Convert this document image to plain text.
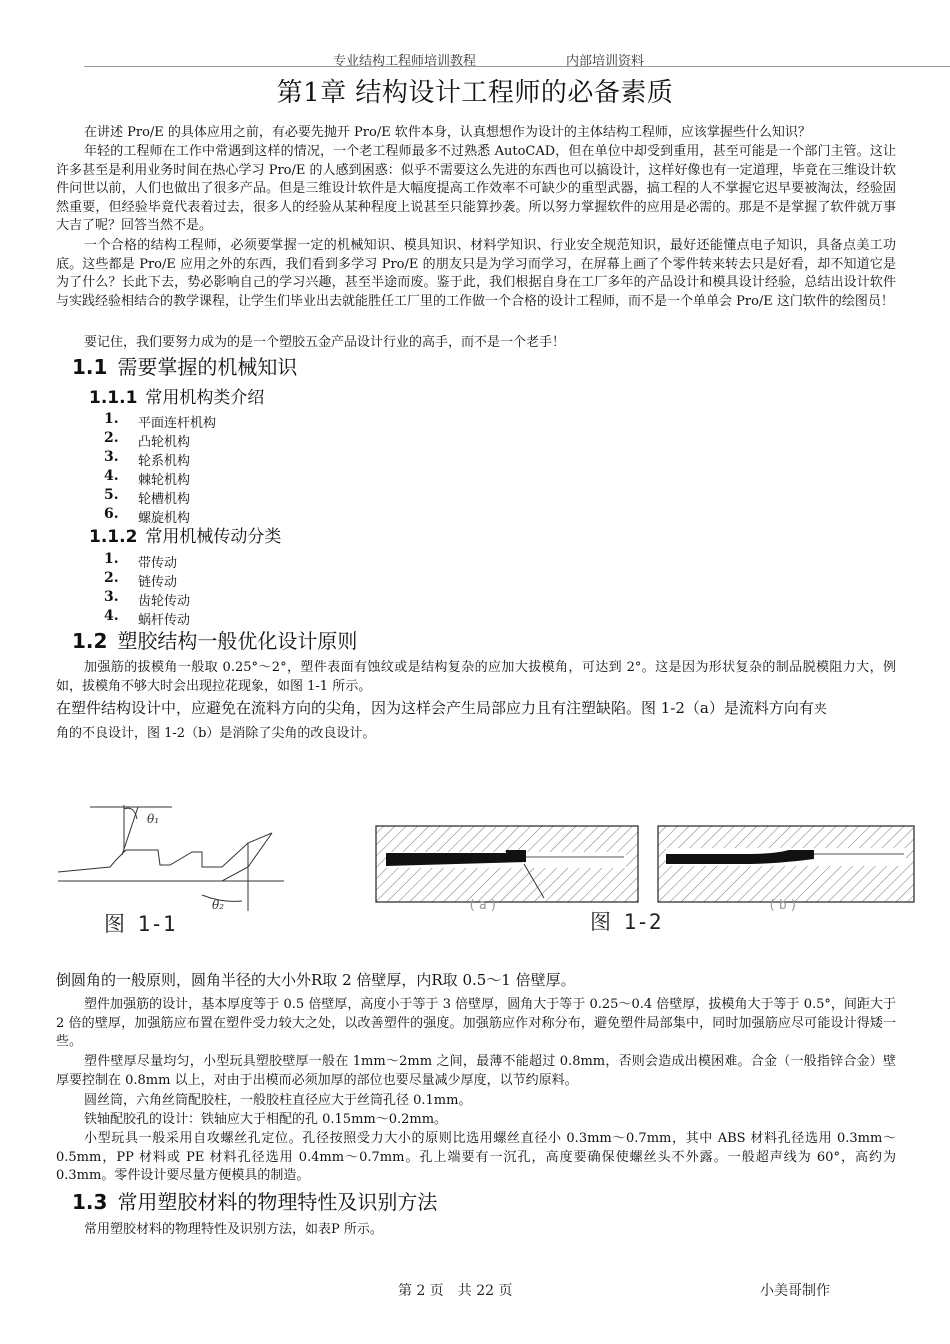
专业结构工程师培训教程	内部培训资料
第1章 结构设计工程师的必备素质
在讲述 Pro/E 的具体应用之前，有必要先抛开 Pro/E 软件本身，认真想想作为设计的主体结构工程师，应该掌握些什么知识？
年轻的工程师在工作中常遇到这样的情况，一个老工程师最多不过熟悉 AutoCAD，但在单位中却受到重用，甚至可能是一个部门主管。这让许多甚至是利用业务时间在热心学习 Pro/E 的人感到困惑：似乎不需要这么先进的东西也可以搞设计，这样好像也有一定道理，毕竟在三维设计软件问世以前，人们也做出了很多产品。但是三维设计软件是大幅度提高工作效率不可缺少的重型武器，搞工程的人不掌握它迟早要被淘汰，经验固然重要，但经验毕竟代表着过去，很多人的经验从某种程度上说甚至只能算抄袭。所以努力掌握软件的应用是必需的。那是不是掌握了软件就万事大吉了呢？回答当然不是。
一个合格的结构工程师，必须要掌握一定的机械知识、模具知识、材料学知识、行业安全规范知识，最好还能懂点电子知识，具备点美工功底。这些都是 Pro/E 应用之外的东西，我们看到多学习 Pro/E 的朋友只是为学习而学习，在屏幕上画了个零件转来转去只是好看，却不知道它是为了什么？长此下去，势必影响自己的学习兴趣，甚至半途而废。鉴于此，我们根据自身在工厂多年的产品设计和模具设计经验，总结出设计软件与实践经验相结合的教学课程，让学生们毕业出去就能胜任工厂里的工作做一个合格的设计工程师，而不是一个单单会 Pro/E 这门软件的绘图员！
要记住，我们要努力成为的是一个塑胶五金产品设计行业的高手，而不是一个老手！
1.1 需要掌握的机械知识
1.1.1 常用机构类介绍
1. 平面连杆机构
2. 凸轮机构
3. 轮系机构
4. 棘轮机构
5. 轮槽机构
6. 螺旋机构
1.1.2 常用机械传动分类
1. 带传动
2. 链传动
3. 齿轮传动
4. 蜗杆传动
1.2 塑胶结构一般优化设计原则
加强筋的拔模角一般取 0.25°～2°，塑件表面有蚀纹或是结构复杂的应加大拔模角，可达到 2°。这是因为形状复杂的制品脱模阻力大，例如，拔模角不够大时会出现拉花现象，如图 1-1 所示。
在塑件结构设计中，应避免在流料方向的尖角，因为这样会产生局部应力且有注塑缺陷。图 1-2（a）是流料方向有夹
角的不良设计，图 1-2（b）是消除了尖角的改良设计。
θ₁
θ₂
图 1-1
(a)	(b)
图 1-2
倒圆角的一般原则，圆角半径的大小外R取 2 倍壁厚，内R取 0.5～1 倍壁厚。
塑件加强筋的设计，基本厚度等于 0.5 倍壁厚，高度小于等于 3 倍壁厚，圆角大于等于 0.25～0.4 倍壁厚，拔模角大于等于 0.5°，间距大于 2 倍的壁厚，加强筋应布置在塑件受力较大之处，以改善塑件的强度。加强筋应作对称分布，避免塑件局部集中，同时加强筋应尽可能设计得矮一些。
塑件壁厚尽量均匀，小型玩具塑胶壁厚一般在 1mm～2mm 之间，最薄不能超过 0.8mm，否则会造成出模困难。合金（一般指锌合金）壁厚要控制在 0.8mm 以上，对由于出模而必须加厚的部位也要尽量减少厚度，以节约原料。
圆丝筒，六角丝筒配胶柱，一般胶柱直径应大于丝筒孔径 0.1mm。
铁轴配胶孔的设计：铁轴应大于相配的孔 0.15mm～0.2mm。
小型玩具一般采用自攻螺丝孔定位。孔径按照受力大小的原则比选用螺丝直径小 0.3mm～0.7mm，其中 ABS 材料孔径选用 0.3mm～0.5mm，PP 材料或 PE 材料孔径选用 0.4mm～0.7mm。孔上端要有一沉孔，高度要确保使螺丝头不外露。一般超声线为 60°，高约为 0.3mm。零件设计要尽量方便模具的制造。
1.3 常用塑胶材料的物理特性及识别方法
常用塑胶材料的物理特性及识别方法，如表P 所示。
第 2 页　共 22 页	小美哥制作
